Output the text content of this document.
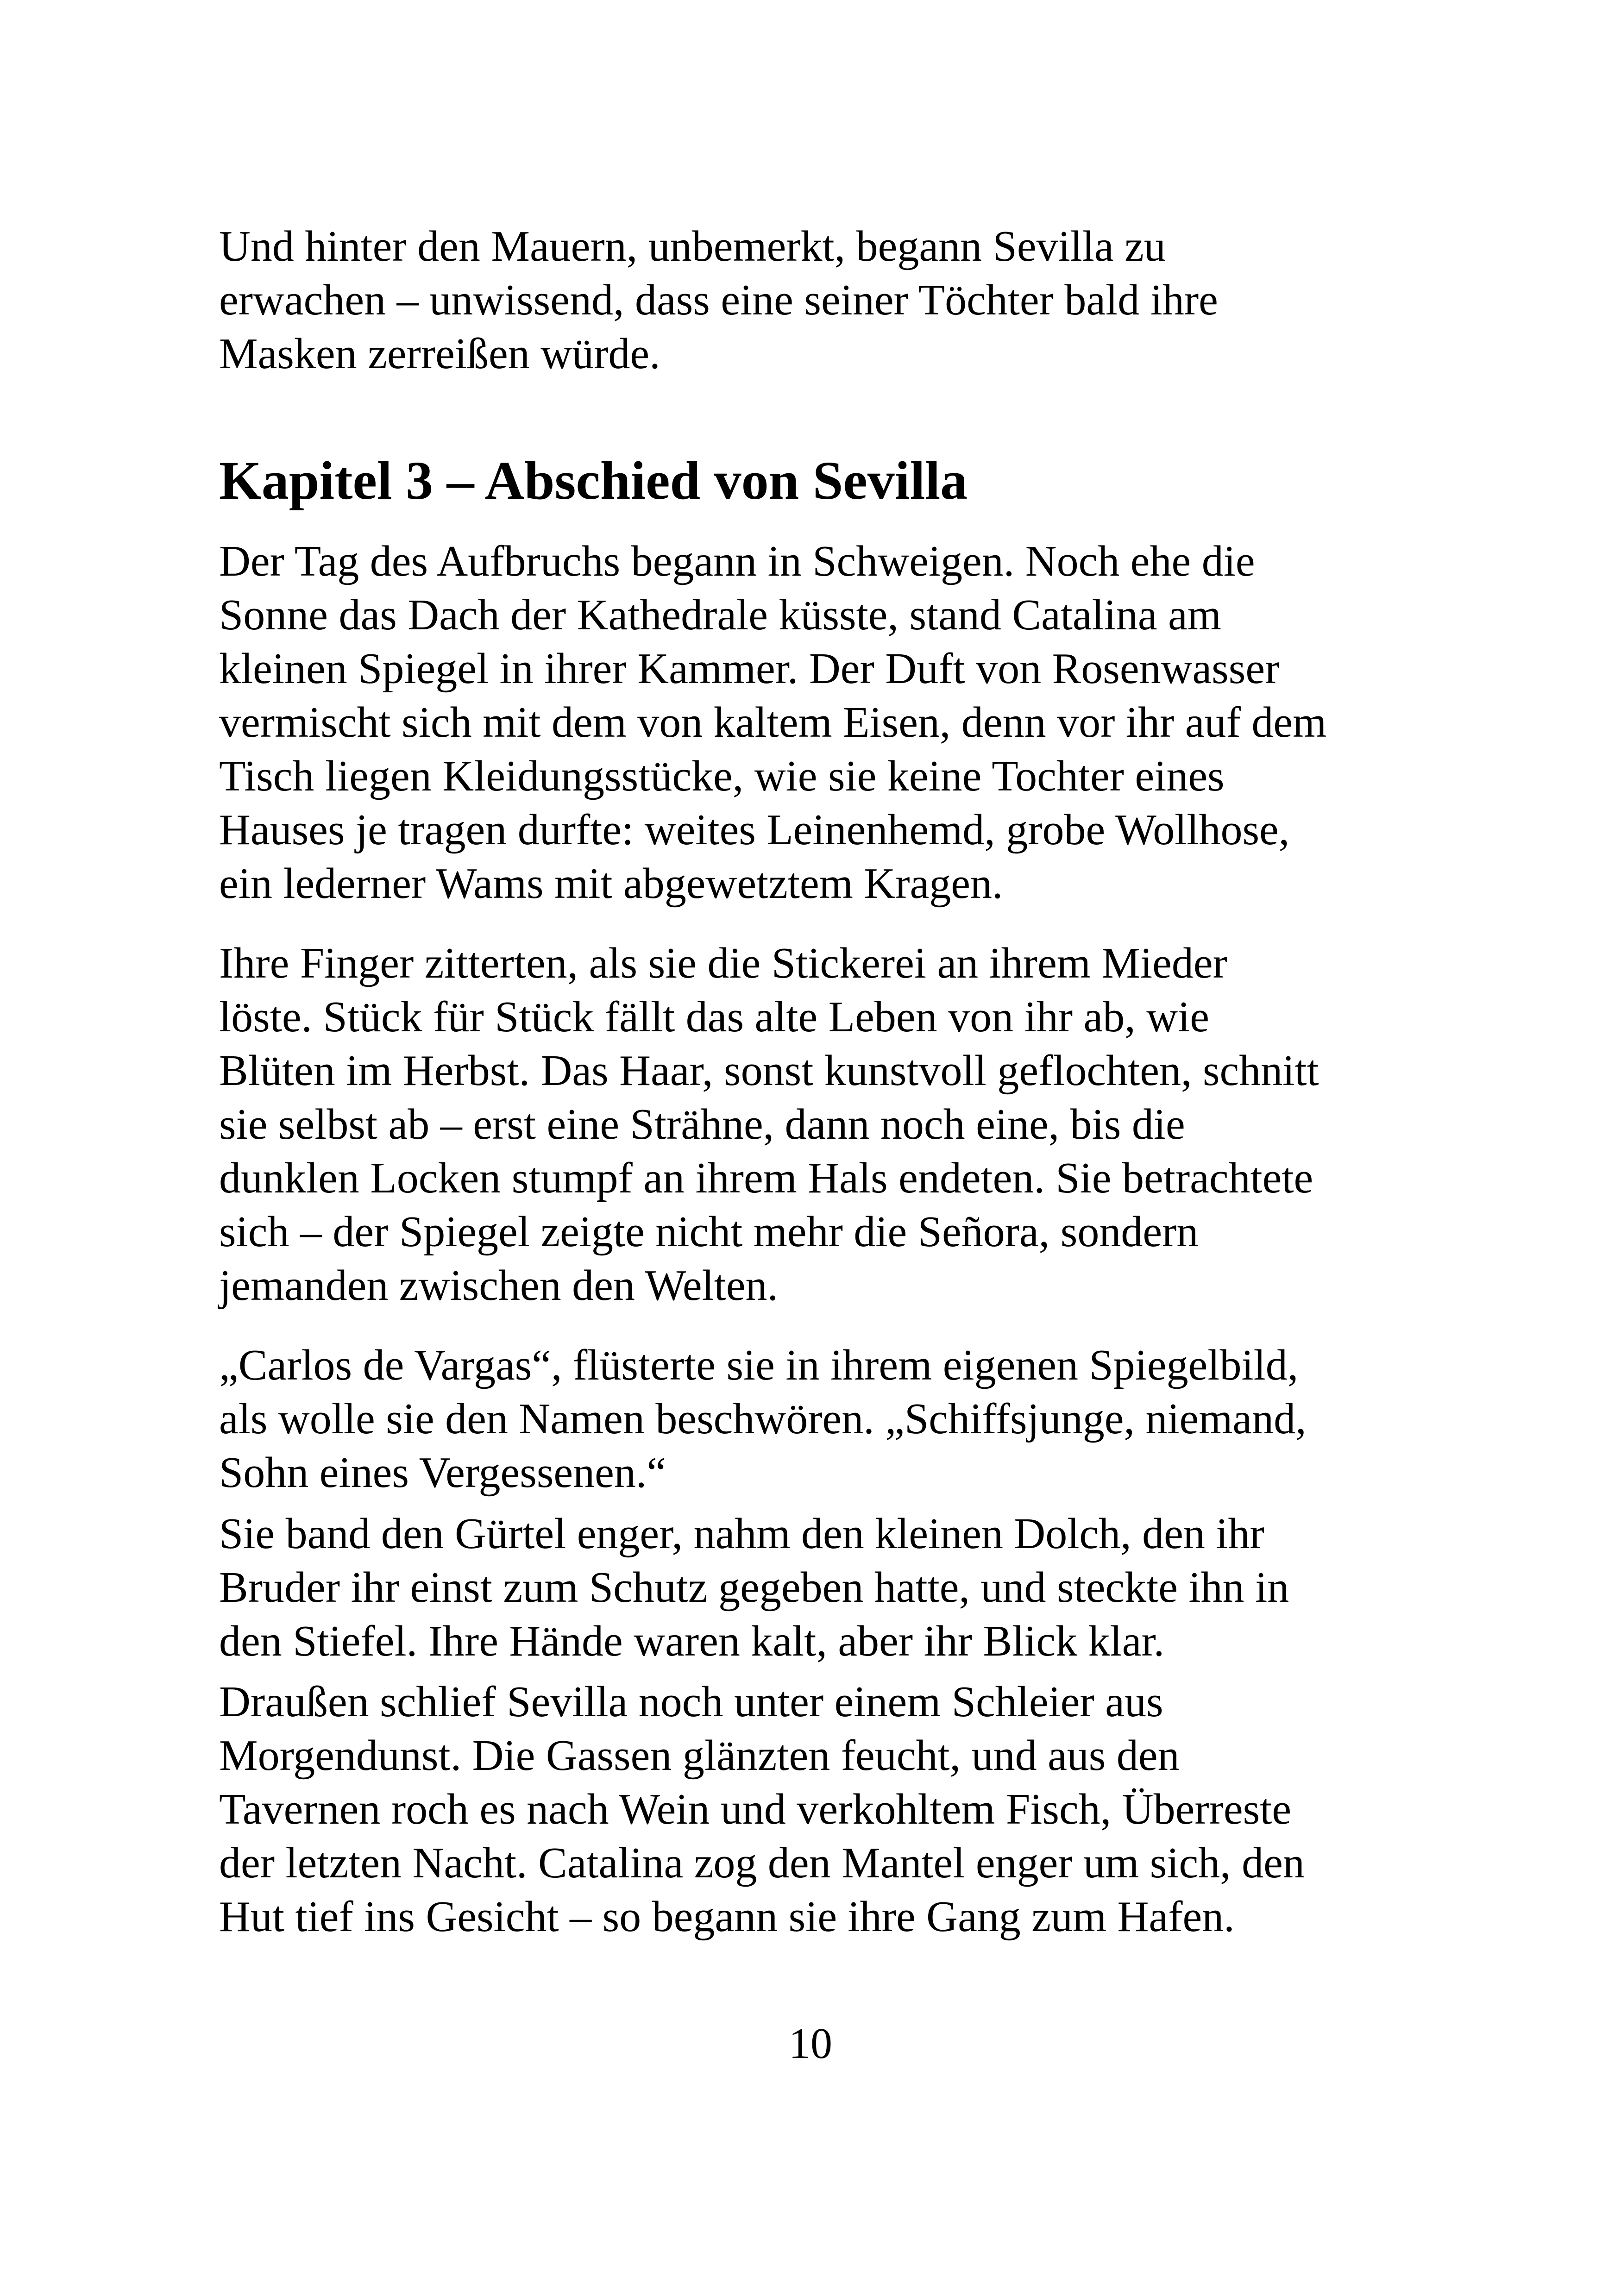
Und hinter den Mauern, unbemerkt, begann Sevilla zu
erwachen – unwissend, dass eine seiner Töchter bald ihre
Masken zerreißen würde.

Kapitel 3 – Abschied von Sevilla

Der Tag des Aufbruchs begann in Schweigen. Noch ehe die
Sonne das Dach der Kathedrale küsste, stand Catalina am
kleinen Spiegel in ihrer Kammer. Der Duft von Rosenwasser
vermischt sich mit dem von kaltem Eisen, denn vor ihr auf dem
Tisch liegen Kleidungsstücke, wie sie keine Tochter eines
Hauses je tragen durfte: weites Leinenhemd, grobe Wollhose,
ein lederner Wams mit abgewetztem Kragen.

Ihre Finger zitterten, als sie die Stickerei an ihrem Mieder
löste. Stück für Stück fällt das alte Leben von ihr ab, wie
Blüten im Herbst. Das Haar, sonst kunstvoll geflochten, schnitt
sie selbst ab – erst eine Strähne, dann noch eine, bis die
dunklen Locken stumpf an ihrem Hals endeten. Sie betrachtete
sich – der Spiegel zeigte nicht mehr die Señora, sondern
jemanden zwischen den Welten.

„Carlos de Vargas“, flüsterte sie in ihrem eigenen Spiegelbild,
als wolle sie den Namen beschwören. „Schiffsjunge, niemand,
Sohn eines Vergessenen.“

Sie band den Gürtel enger, nahm den kleinen Dolch, den ihr
Bruder ihr einst zum Schutz gegeben hatte, und steckte ihn in
den Stiefel. Ihre Hände waren kalt, aber ihr Blick klar.

Draußen schlief Sevilla noch unter einem Schleier aus
Morgendunst. Die Gassen glänzten feucht, und aus den
Tavernen roch es nach Wein und verkohltem Fisch, Überreste
der letzten Nacht. Catalina zog den Mantel enger um sich, den
Hut tief ins Gesicht – so begann sie ihre Gang zum Hafen.

10
